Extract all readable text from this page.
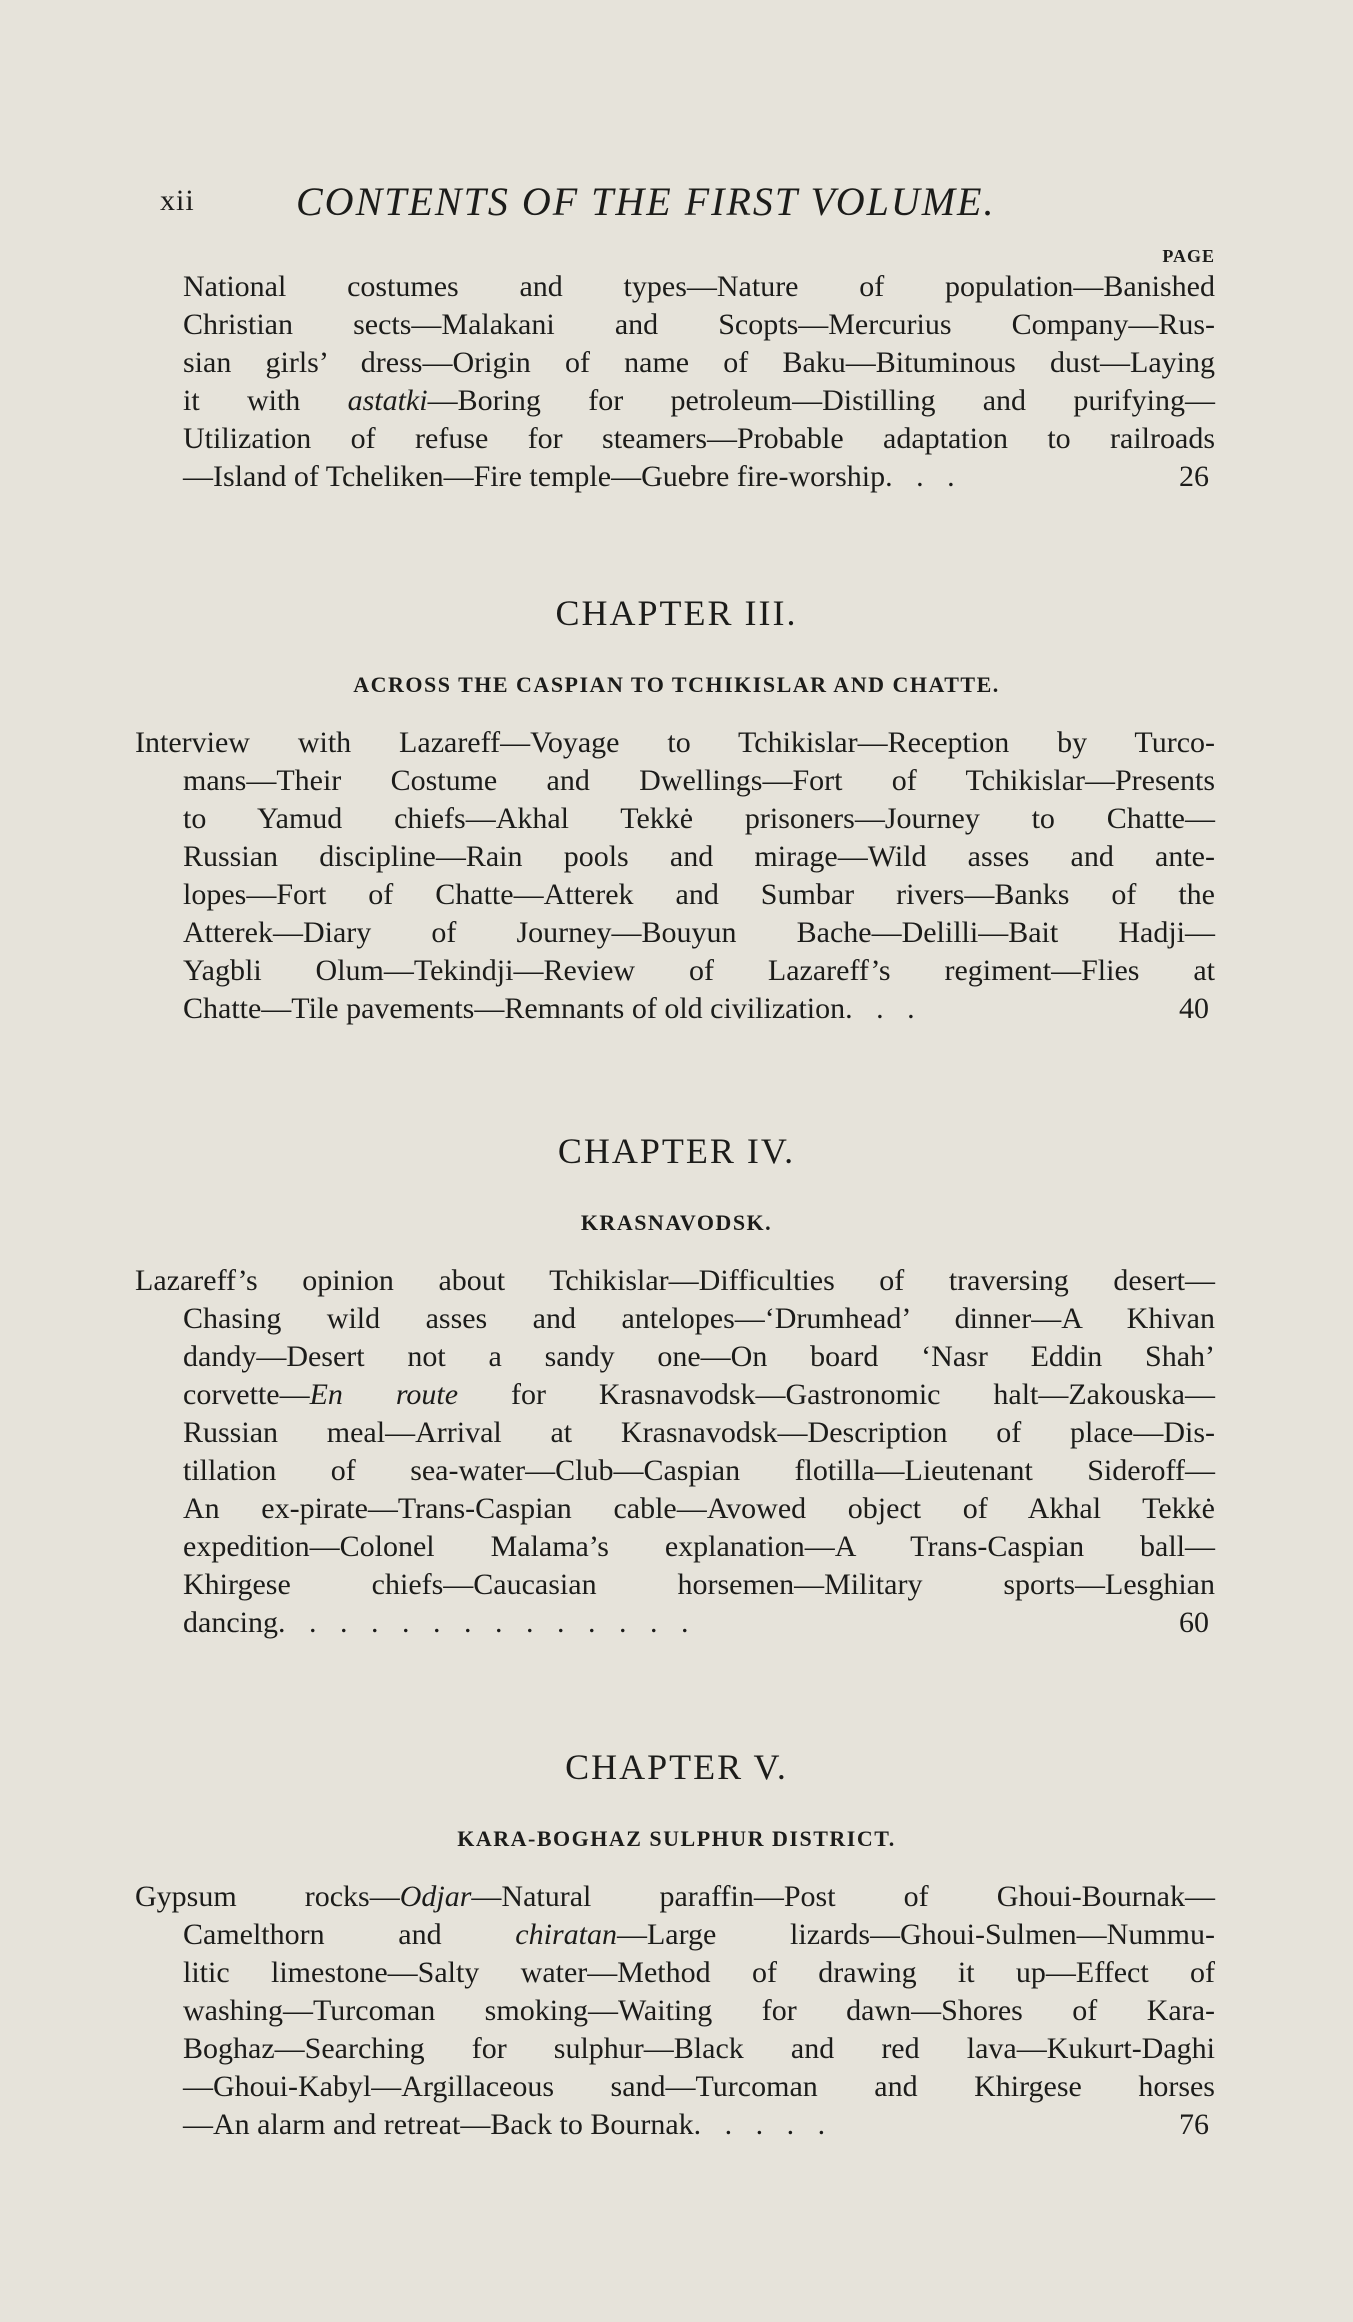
xii	CONTENTS OF THE FIRST VOLUME.
PAGE
National costumes and types—Nature of population—Banished
Christian sects—Malakani and Scopts—Mercurius Company—Rus-
sian girls’ dress—Origin of name of Baku—Bituminous dust—Laying
it with astatki—Boring for petroleum—Distilling and purifying—
Utilization of refuse for steamers—Probable adaptation to railroads
—Island of Tcheliken—Fire temple—Guebre fire-worship . . .	26
CHAPTER III.
ACROSS THE CASPIAN TO TCHIKISLAR AND CHATTE.
Interview with Lazareff—Voyage to Tchikislar—Reception by Turco-
mans—Their Costume and Dwellings—Fort of Tchikislar—Presents
to Yamud chiefs—Akhal Tekkė prisoners—Journey to Chatte—
Russian discipline—Rain pools and mirage—Wild asses and ante-
lopes—Fort of Chatte—Atterek and Sumbar rivers—Banks of the
Atterek—Diary of Journey—Bouyun Bache—Delilli—Bait Hadji—
Yagbli Olum—Tekindji—Review of Lazareff’s regiment—Flies at
Chatte—Tile pavements—Remnants of old civilization . . .	40
CHAPTER IV.
KRASNAVODSK.
Lazareff’s opinion about Tchikislar—Difficulties of traversing desert—
Chasing wild asses and antelopes—‘Drumhead’ dinner—A Khivan
dandy—Desert not a sandy one—On board ‘Nasr Eddin Shah’
corvette—En route for Krasnavodsk—Gastronomic halt—Zakouska—
Russian meal—Arrival at Krasnavodsk—Description of place—Dis-
tillation of sea-water—Club—Caspian flotilla—Lieutenant Sideroff—
An ex-pirate—Trans-Caspian cable—Avowed object of Akhal Tekkė
expedition—Colonel Malama’s explanation—A Trans-Caspian ball—
Khirgese chiefs—Caucasian horsemen—Military sports—Lesghian
dancing . . . . . . . . . . . . . .	60
CHAPTER V.
KARA-BOGHAZ SULPHUR DISTRICT.
Gypsum rocks—Odjar—Natural paraffin—Post of Ghoui-Bournak—
Camelthorn and chiratan—Large lizards—Ghoui-Sulmen—Nummu-
litic limestone—Salty water—Method of drawing it up—Effect of
washing—Turcoman smoking—Waiting for dawn—Shores of Kara-
Boghaz—Searching for sulphur—Black and red lava—Kukurt-Daghi
—Ghoui-Kabyl—Argillaceous sand—Turcoman and Khirgese horses
—An alarm and retreat—Back to Bournak . . . . .	76
